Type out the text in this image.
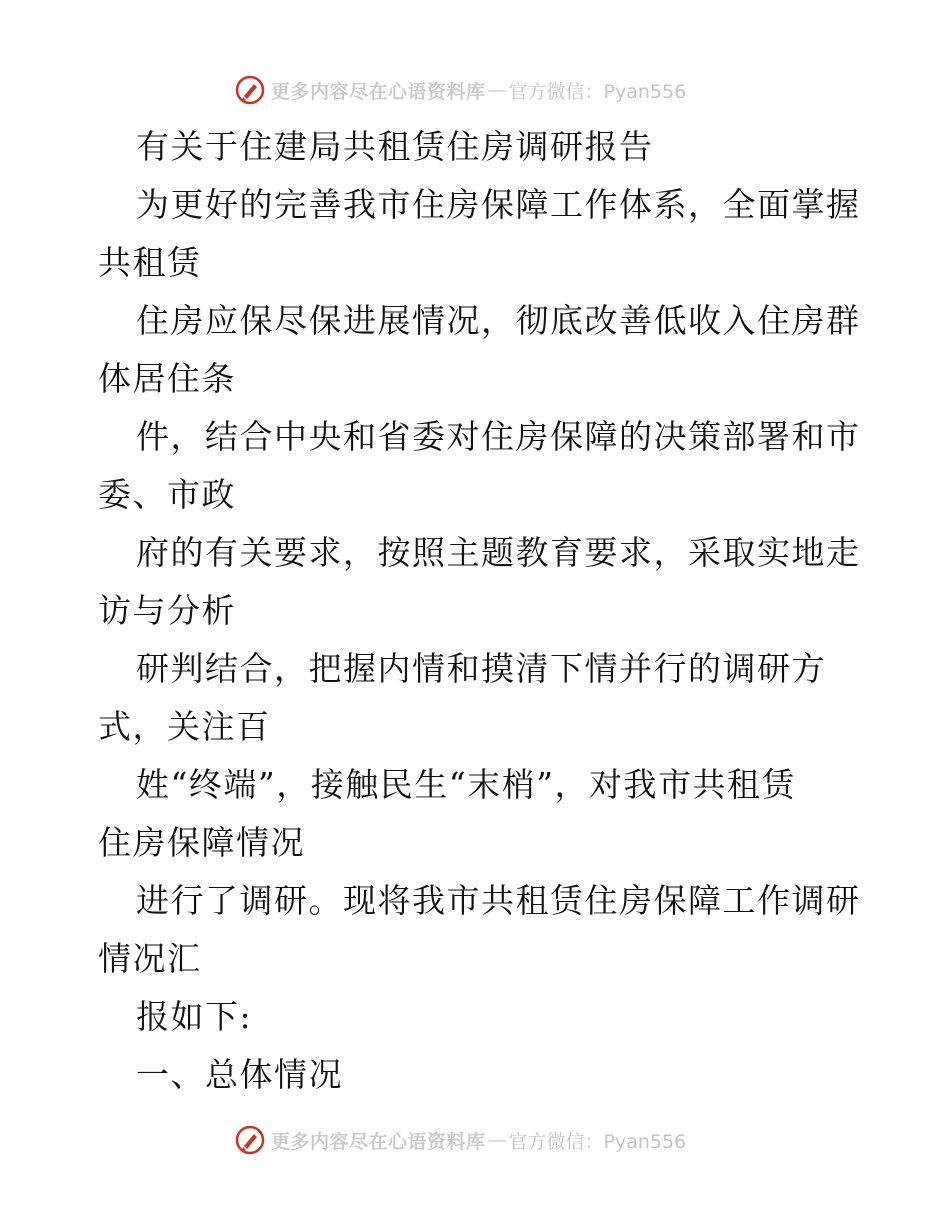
更多内容尽在心语资料库 — 官方微信：Pyan556
有关于住建局共租赁住房调研报告
为更好的完善我市住房保障工作体系，全面掌握
共租赁
住房应保尽保进展情况，彻底改善低收入住房群
体居住条
件，结合中央和省委对住房保障的决策部署和市
委、市政
府的有关要求，按照主题教育要求，采取实地走
访与分析
研判结合，把握内情和摸清下情并行的调研方
式，关注百
姓“终端”，接触民生“末梢”，对我市共租赁
住房保障情况
进行了调研。现将我市共租赁住房保障工作调研
情况汇
报如下:
一、总体情况
更多内容尽在心语资料库 — 官方微信：Pyan556
